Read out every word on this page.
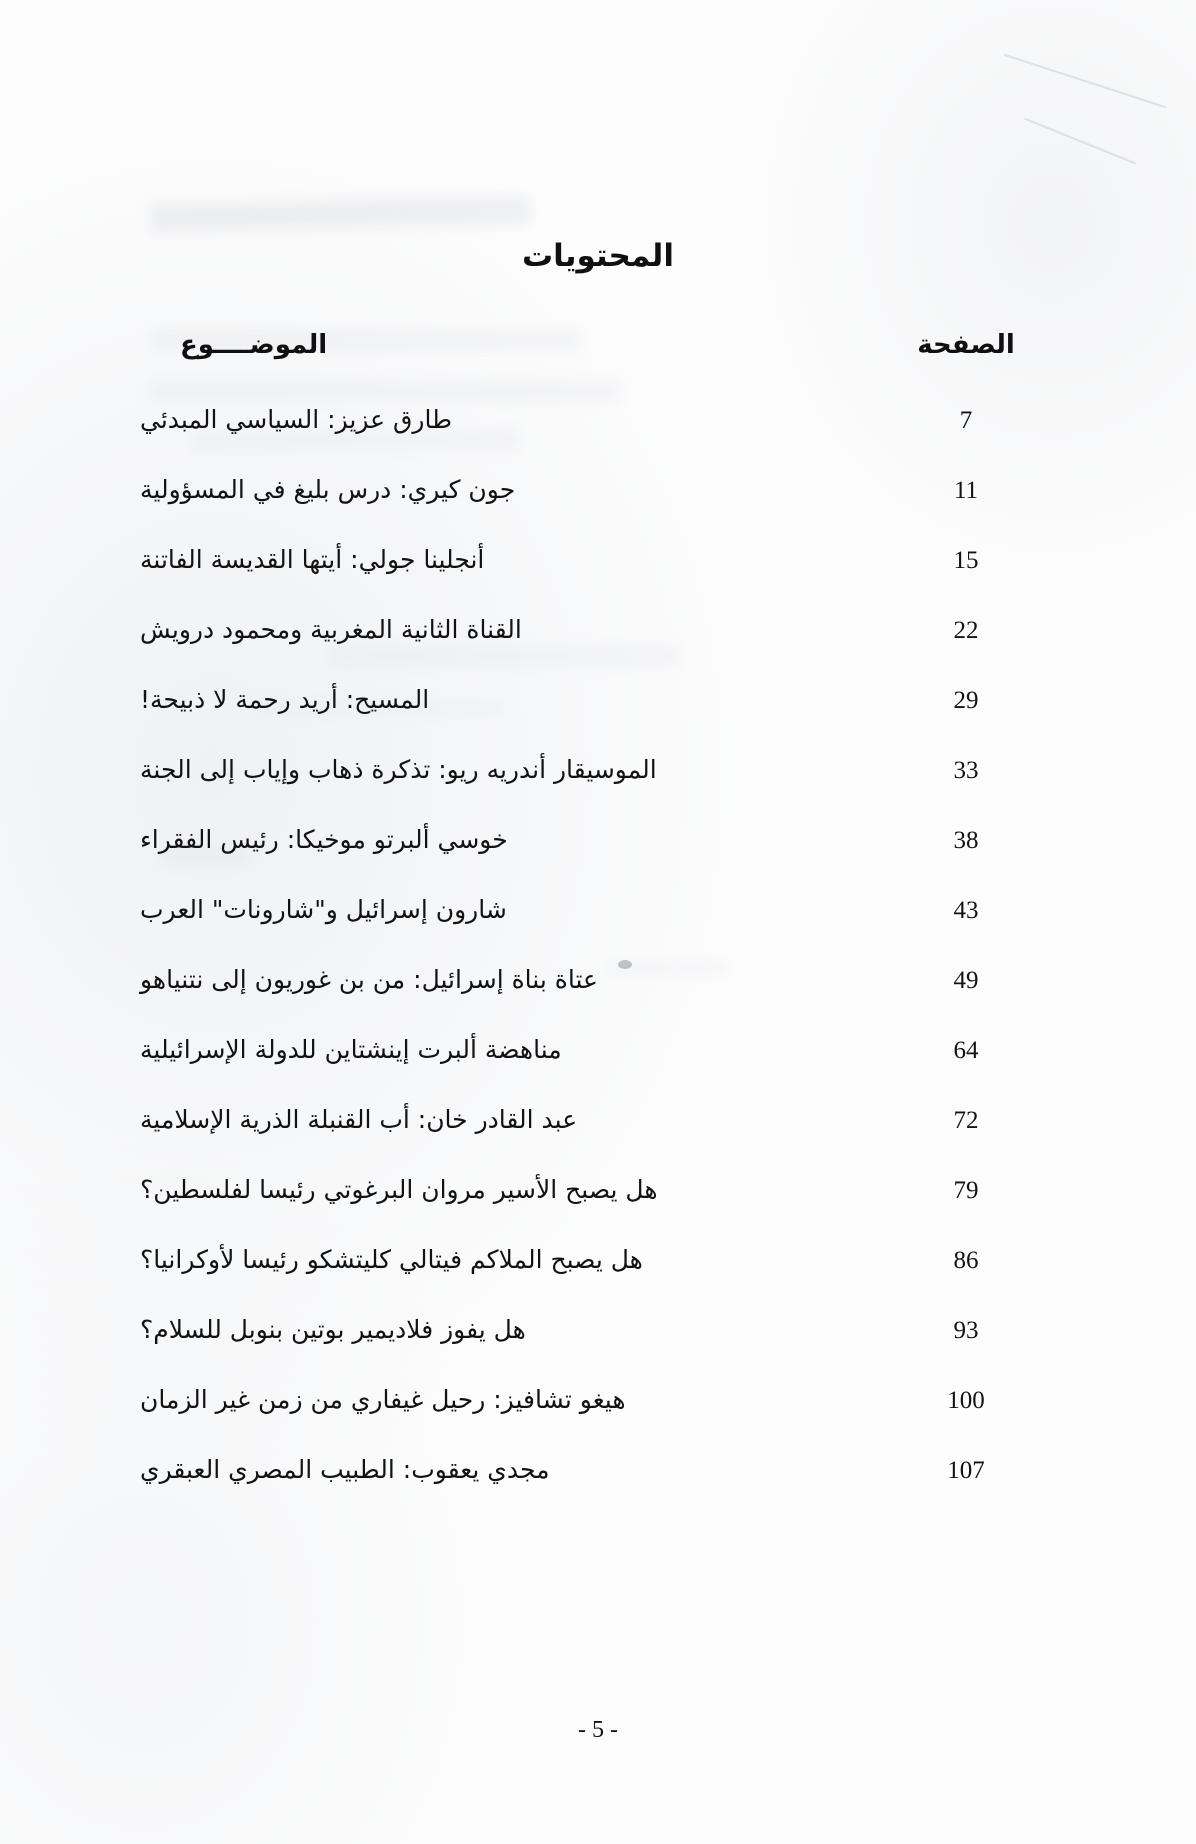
المحتويات
الموضــــوع	الصفحة
طارق عزيز: السياسي المبدئي	7
جون كيري: درس بليغ في المسؤولية	11
أنجلينا جولي: أيتها القديسة الفاتنة	15
القناة الثانية المغربية ومحمود درويش	22
المسيح: أريد رحمة لا ذبيحة!	29
الموسيقار أندريه ريو: تذكرة ذهاب وإياب إلى الجنة	33
خوسي ألبرتو موخيكا: رئيس الفقراء	38
شارون إسرائيل و"شارونات" العرب	43
عتاة بناة إسرائيل: من بن غوريون إلى نتنياهو	49
مناهضة ألبرت إينشتاين للدولة الإسرائيلية	64
عبد القادر خان: أب القنبلة الذرية الإسلامية	72
هل يصبح الأسير مروان البرغوتي رئيسا لفلسطين؟	79
هل يصبح الملاكم فيتالي كليتشكو رئيسا لأوكرانيا؟	86
هل يفوز فلاديمير بوتين بنوبل للسلام؟	93
هيغو تشافيز: رحيل غيفاري من زمن غير الزمان	100
مجدي يعقوب: الطبيب المصري العبقري	107
- 5 -
